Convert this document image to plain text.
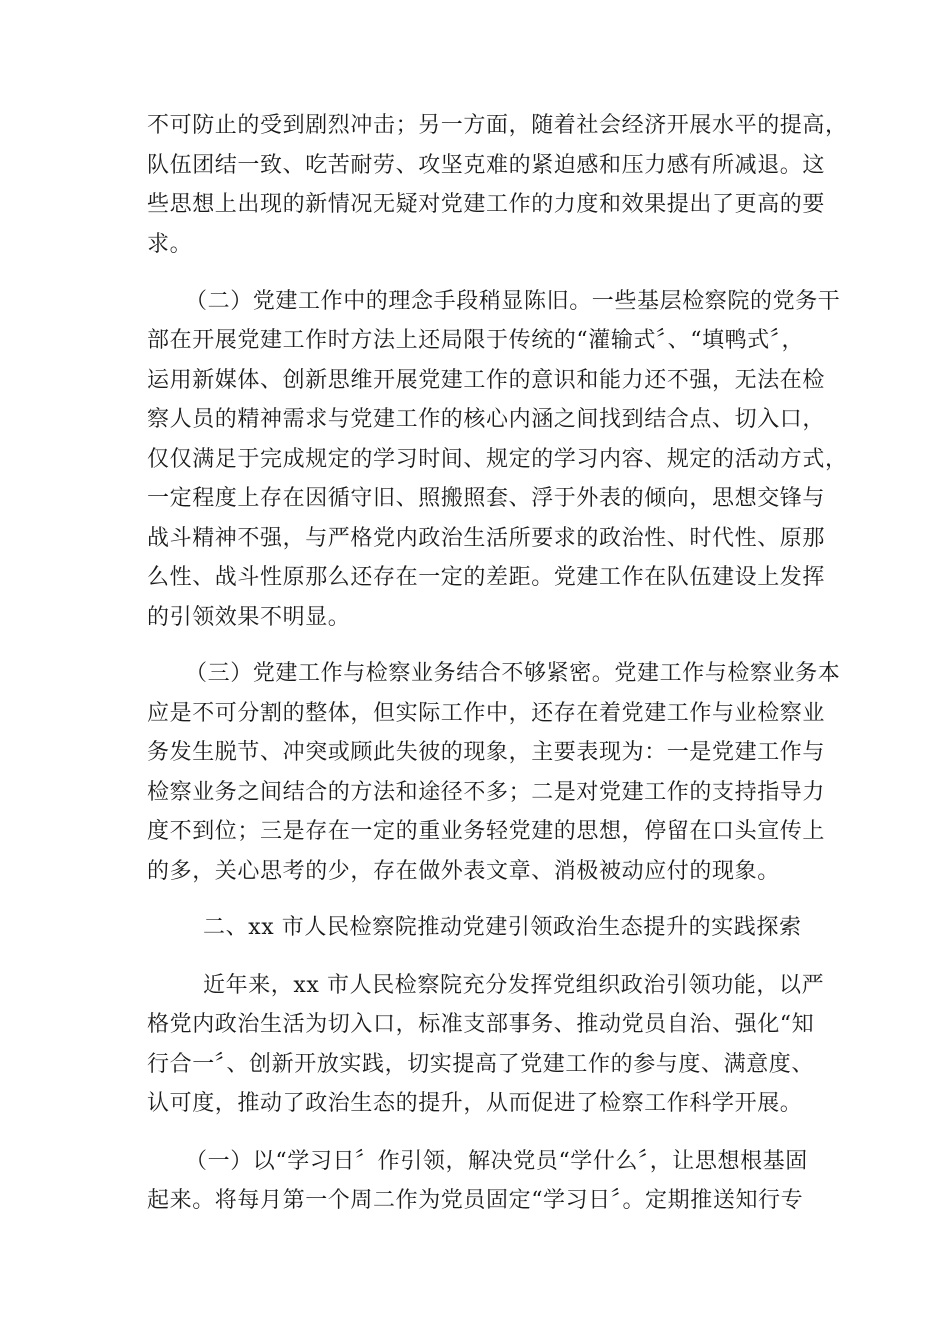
不可防止的受到剧烈冲击；另一方面，随着社会经济开展水平的提高，
队伍团结一致、吃苦耐劳、攻坚克难的紧迫感和压力感有所减退。这
些思想上出现的新情况无疑对党建工作的力度和效果提出了更高的要
求。
（二）党建工作中的理念手段稍显陈旧。一些基层检察院的党务干
部在开展党建工作时方法上还局限于传统的“灌输式〞、“填鸭式〞，
运用新媒体、创新思维开展党建工作的意识和能力还不强，无法在检
察人员的精神需求与党建工作的核心内涵之间找到结合点、切入口，
仅仅满足于完成规定的学习时间、规定的学习内容、规定的活动方式，
一定程度上存在因循守旧、照搬照套、浮于外表的倾向，思想交锋与
战斗精神不强，与严格党内政治生活所要求的政治性、时代性、原那
么性、战斗性原那么还存在一定的差距。党建工作在队伍建设上发挥
的引领效果不明显。
（三）党建工作与检察业务结合不够紧密。党建工作与检察业务本
应是不可分割的整体，但实际工作中，还存在着党建工作与业检察业
务发生脱节、冲突或顾此失彼的现象，主要表现为：一是党建工作与
检察业务之间结合的方法和途径不多；二是对党建工作的支持指导力
度不到位；三是存在一定的重业务轻党建的思想，停留在口头宣传上
的多，关心思考的少，存在做外表文章、消极被动应付的现象。
二、xx 市人民检察院推动党建引领政治生态提升的实践探索
近年来，xx 市人民检察院充分发挥党组织政治引领功能，以严
格党内政治生活为切入口，标准支部事务、推动党员自治、强化“知
行合一〞、创新开放实践，切实提高了党建工作的参与度、满意度、
认可度，推动了政治生态的提升，从而促进了检察工作科学开展。
（一）以“学习日〞作引领，解决党员“学什么〞，让思想根基固
起来。将每月第一个周二作为党员固定“学习日〞。定期推送知行专
